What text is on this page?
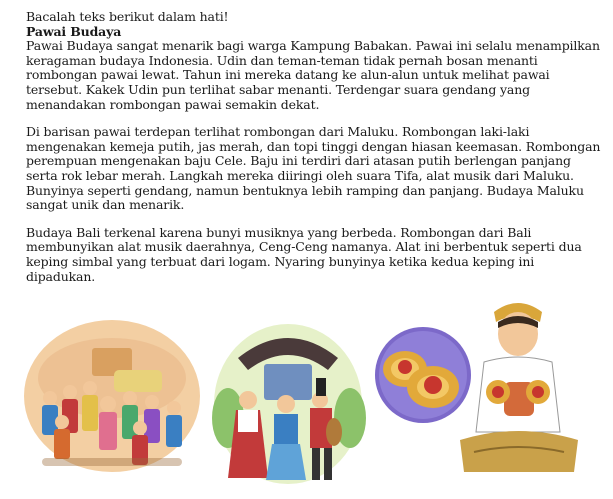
Bacalah teks berikut dalam hati!

Pawai Budaya

Pawai Budaya sangat menarik bagi warga Kampung Babakan. Pawai ini selalu menampilkan keragaman budaya Indonesia. Udin dan teman-teman tidak pernah bosan menanti rombongan pawai lewat. Tahun ini mereka datang ke alun-alun untuk melihat pawai tersebut. Kakek Udin pun terlihat sabar menanti. Terdengar suara gendang yang menandakan rombongan pawai semakin dekat.

Di barisan pawai terdepan terlihat rombongan dari Maluku. Rombongan laki-laki mengenakan kemeja putih, jas merah, dan topi tinggi dengan hiasan keemasan. Rombongan perempuan mengenakan baju Cele. Baju ini terdiri dari atasan putih berlengan panjang serta rok lebar merah. Langkah mereka diiringi oleh suara Tifa, alat musik dari Maluku. Bunyinya seperti gendang, namun bentuknya lebih ramping dan panjang. Budaya Maluku sangat unik dan menarik.

Budaya Bali terkenal karena bunyi musiknya yang berbeda. Rombongan dari Bali membunyikan alat musik daerahnya, Ceng-Ceng namanya. Alat ini berbentuk seperti dua keping simbal yang terbuat dari logam. Nyaring bunyinya ketika kedua keping ini dipadukan.
